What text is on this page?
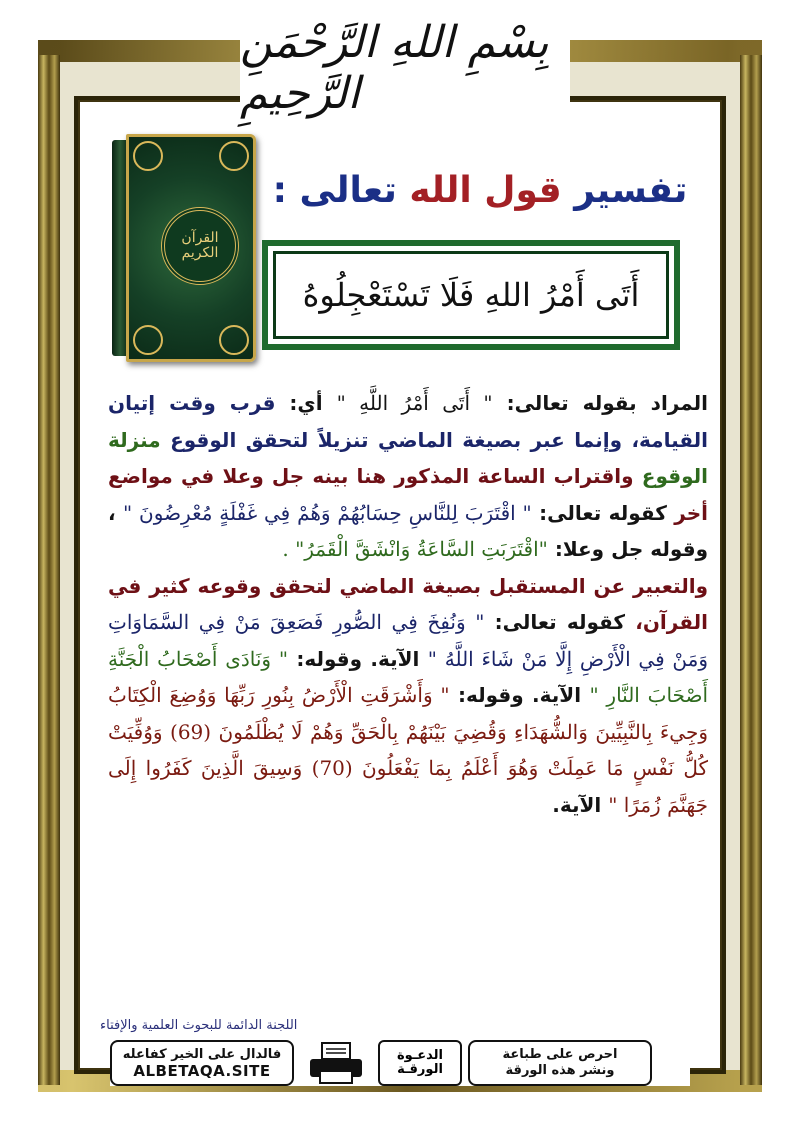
بِسْمِ اللهِ الرَّحْمَنِ الرَّحِيمِ
القرآن الكريم
تفسير قول الله تعالى :
أَتَى أَمْرُ اللهِ فَلَا تَسْتَعْجِلُوهُ
المراد بقوله تعالى: " أَتَى أَمْرُ اللَّهِ " أي: قرب وقت إتيان القيامة، وإنما عبر بصيغة الماضي تنزيلاً لتحقق الوقوع منزلة الوقوع واقتراب الساعة المذكور هنا بينه جل وعلا في مواضع أخر كقوله تعالى: " اقْتَرَبَ لِلنَّاسِ حِسَابُهُمْ وَهُمْ فِي غَفْلَةٍ مُعْرِضُونَ " ، وقوله جل وعلا: "اقْتَرَبَتِ السَّاعَةُ وَانْشَقَّ الْقَمَرُ" .
والتعبير عن المستقبل بصيغة الماضي لتحقق وقوعه كثير في القرآن، كقوله تعالى: " وَنُفِخَ فِي الصُّورِ فَصَعِقَ مَنْ فِي السَّمَاوَاتِ وَمَنْ فِي الْأَرْضِ إِلَّا مَنْ شَاءَ اللَّهُ " الآية. وقوله: " وَنَادَى أَصْحَابُ الْجَنَّةِ أَصْحَابَ النَّارِ " الآية. وقوله: " وَأَشْرَقَتِ الْأَرْضُ بِنُورِ رَبِّهَا وَوُضِعَ الْكِتَابُ وَجِيءَ بِالنَّبِيِّينَ وَالشُّهَدَاءِ وَقُضِيَ بَيْنَهُمْ بِالْحَقِّ وَهُمْ لَا يُظْلَمُونَ (69) وَوُفِّيَتْ كُلُّ نَفْسٍ مَا عَمِلَتْ وَهُوَ أَعْلَمُ بِمَا يَفْعَلُونَ (70) وَسِيقَ الَّذِينَ كَفَرُوا إِلَى جَهَنَّمَ زُمَرًا " الآية.
اللجنة الدائمة للبحوث العلمية والإفتاء
فالدال على الخير كفاعله
ALBETAQA.SITE
الدعـوة
الورقـة
احرص على طباعة
ونشر هذه الورقة
